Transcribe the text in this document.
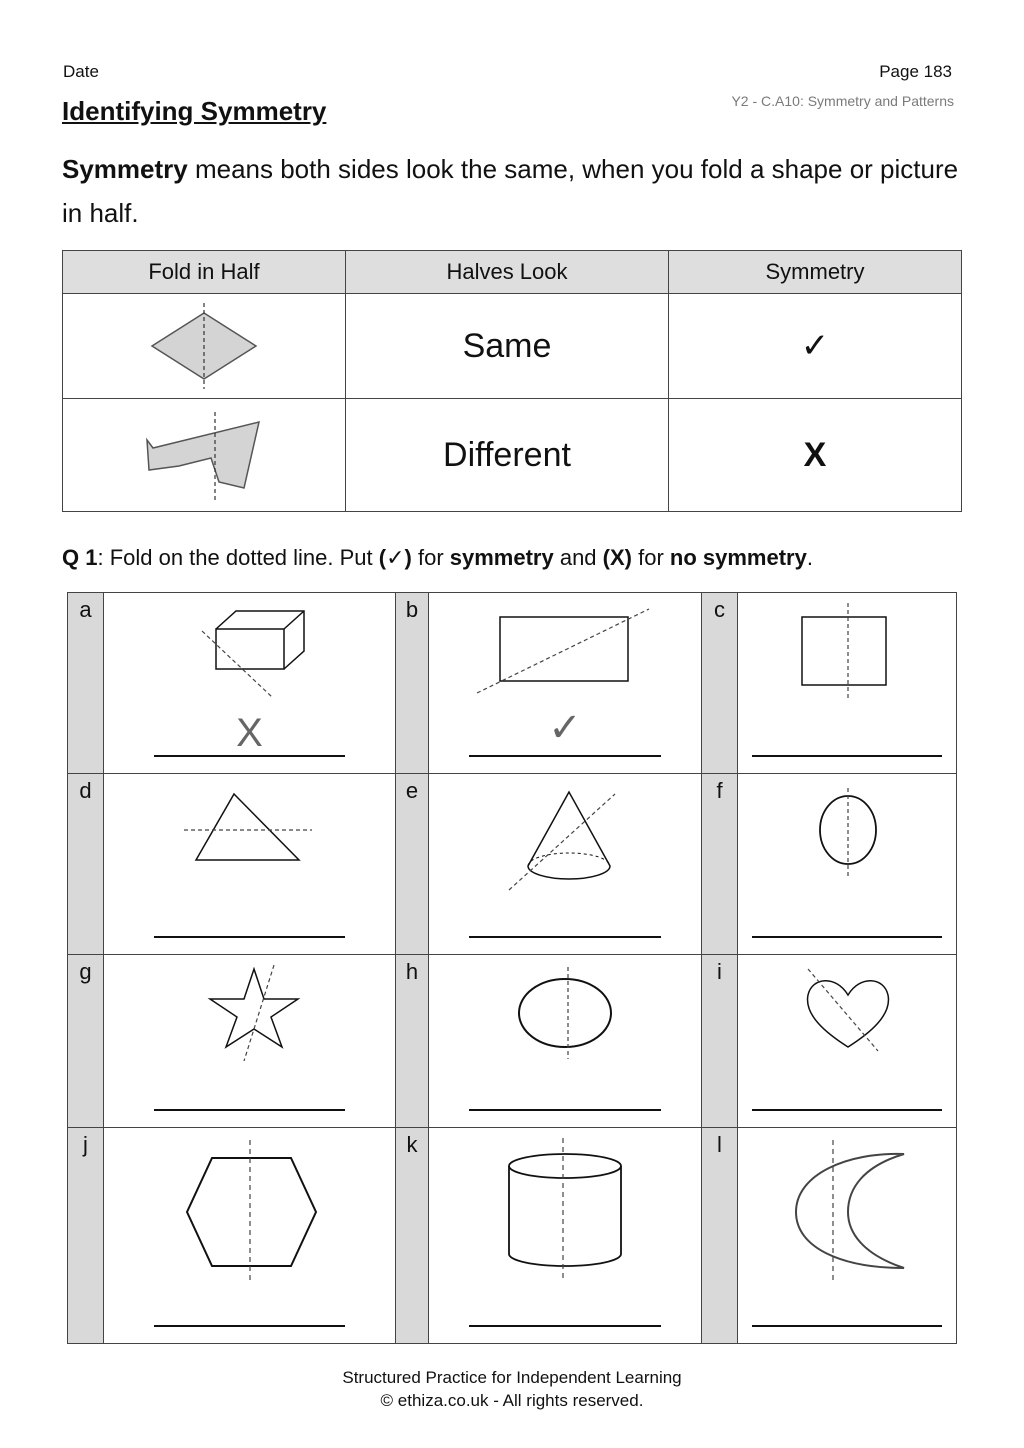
Date	Page 183
Y2 - C.A10: Symmetry and Patterns
Identifying Symmetry
Symmetry means both sides look the same, when you fold a shape or picture in half.
Fold in Half	Halves Look	Symmetry

	Same	✓

	Different	X
Q 1: Fold on the dotted line. Put (✓) for symmetry and (X) for no symmetry.
a	X	b	✓	c	

d		e		f	

g		h		i	

j		k		l	
Structured Practice for Independent Learning
© ethiza.co.uk - All rights reserved.
